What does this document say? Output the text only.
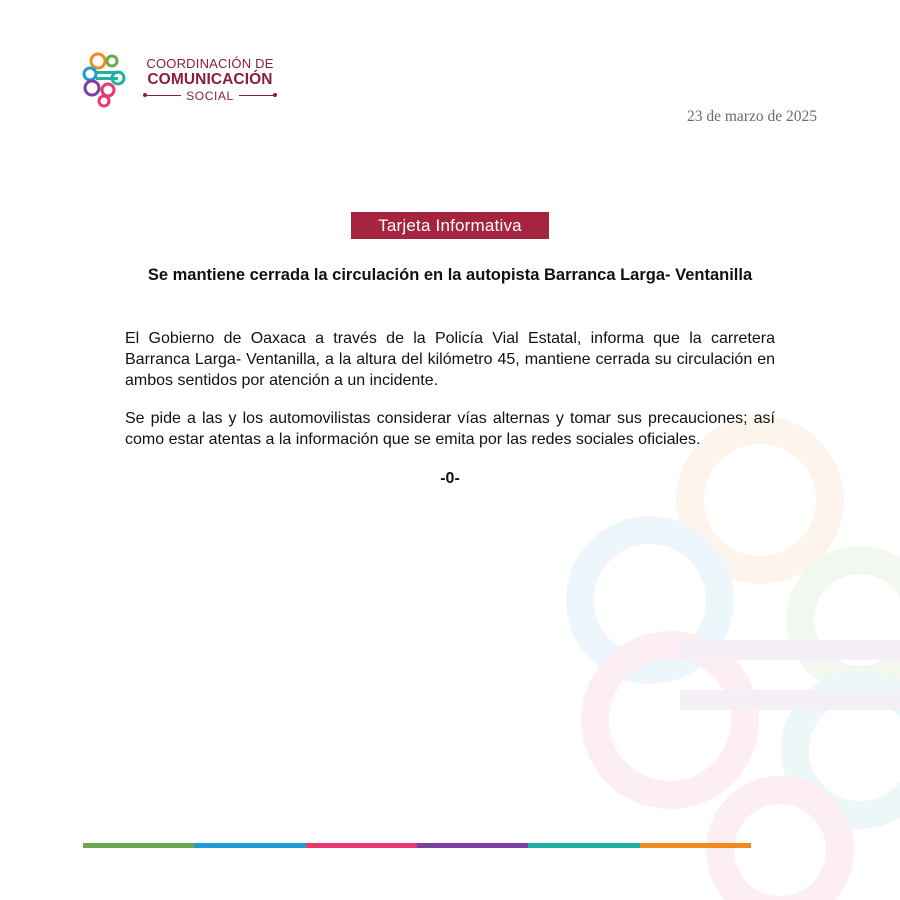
COORDINACIÓN DE
COMUNICACIÓN
SOCIAL
23 de marzo de 2025
Tarjeta Informativa
Se mantiene cerrada la circulación en la autopista Barranca Larga- Ventanilla
El Gobierno de Oaxaca a través de la Policía Vial Estatal, informa que la carretera Barranca Larga- Ventanilla, a la altura del kilómetro 45, mantiene cerrada su circulación en ambos sentidos por atención a un incidente.
Se pide a las y los automovilistas considerar vías alternas y tomar sus precauciones; así como estar atentas a la información que se emita por las redes sociales oficiales.
-0-
